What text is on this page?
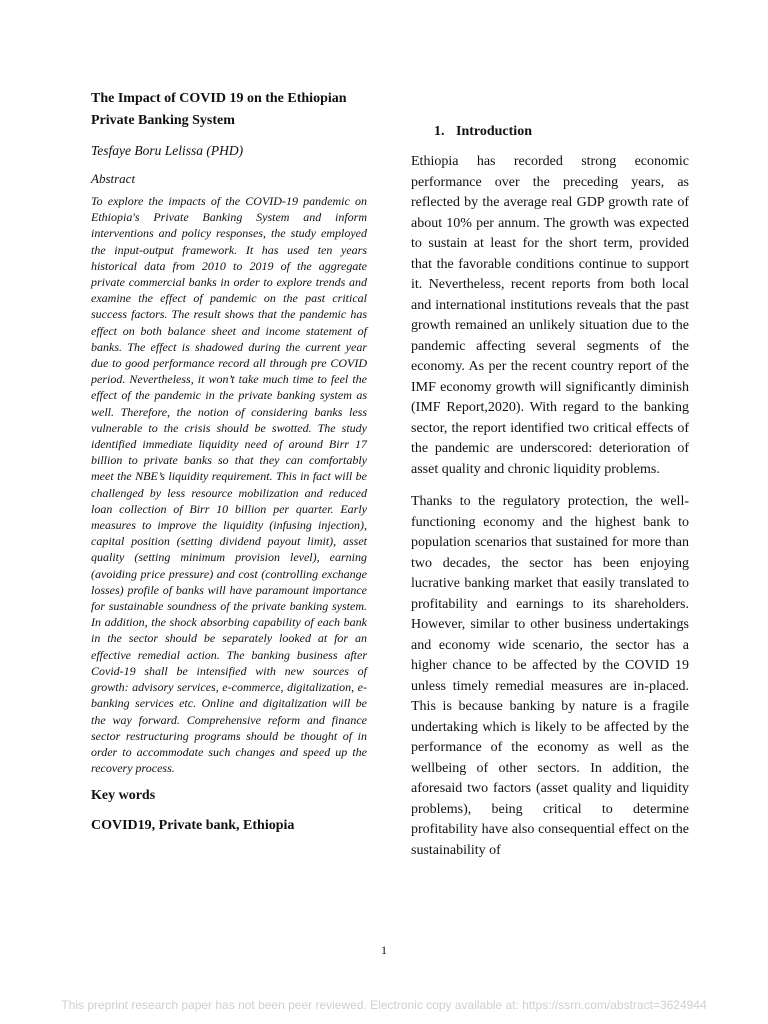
The Impact of COVID 19 on the Ethiopian Private Banking System

Tesfaye Boru Lelissa (PHD)

Abstract

To explore the impacts of the COVID-19 pandemic on Ethiopia's Private Banking System and inform interventions and policy responses, the study employed the input-output framework. It has used ten years historical data from 2010 to 2019 of the aggregate private commercial banks in order to explore trends and examine the effect of pandemic on the past critical success factors. The result shows that the pandemic has effect on both balance sheet and income statement of banks. The effect is shadowed during the current year due to good performance record all through pre COVID period. Nevertheless, it won’t take much time to feel the effect of the pandemic in the private banking system as well. Therefore, the notion of considering banks less vulnerable to the crisis should be swotted. The study identified immediate liquidity need of around Birr 17 billion to private banks so that they can comfortably meet the NBE’s liquidity requirement. This in fact will be challenged by less resource mobilization and reduced loan collection of Birr 10 billion per quarter. Early measures to improve the liquidity (infusing injection), capital position (setting dividend payout limit), asset quality (setting minimum provision level), earning (avoiding price pressure) and cost (controlling exchange losses) profile of banks will have paramount importance for sustainable soundness of the private banking system. In addition, the shock absorbing capability of each bank in the sector should be separately looked at for an effective remedial action. The banking business after Covid-19 shall be intensified with new sources of growth: advisory services, e-commerce, digitalization, e-banking services etc. Online and digitalization will be the way forward. Comprehensive reform and finance sector restructuring programs should be thought of in order to accommodate such changes and speed up the recovery process.

Key words

COVID19, Private bank, Ethiopia

1. Introduction

Ethiopia has recorded strong economic performance over the preceding years, as reflected by the average real GDP growth rate of about 10% per annum. The growth was expected to sustain at least for the short term, provided that the favorable conditions continue to support it. Nevertheless, recent reports from both local and international institutions reveals that the past growth remained an unlikely situation due to the pandemic affecting several segments of the economy. As per the recent country report of the IMF economy growth will significantly diminish (IMF Report,2020). With regard to the banking sector, the report identified two critical effects of the pandemic are underscored: deterioration of asset quality and chronic liquidity problems.

Thanks to the regulatory protection, the well-functioning economy and the highest bank to population scenarios that sustained for more than two decades, the sector has been enjoying lucrative banking market that easily translated to profitability and earnings to its shareholders. However, similar to other business undertakings and economy wide scenario, the sector has a higher chance to be affected by the COVID 19 unless timely remedial measures are in-placed. This is because banking by nature is a fragile undertaking which is likely to be affected by the performance of the economy as well as the wellbeing of other sectors. In addition, the aforesaid two factors (asset quality and liquidity problems), being critical to determine profitability have also consequential effect on the sustainability of

1
This preprint research paper has not been peer reviewed. Electronic copy available at: https://ssrn.com/abstract=3624944
